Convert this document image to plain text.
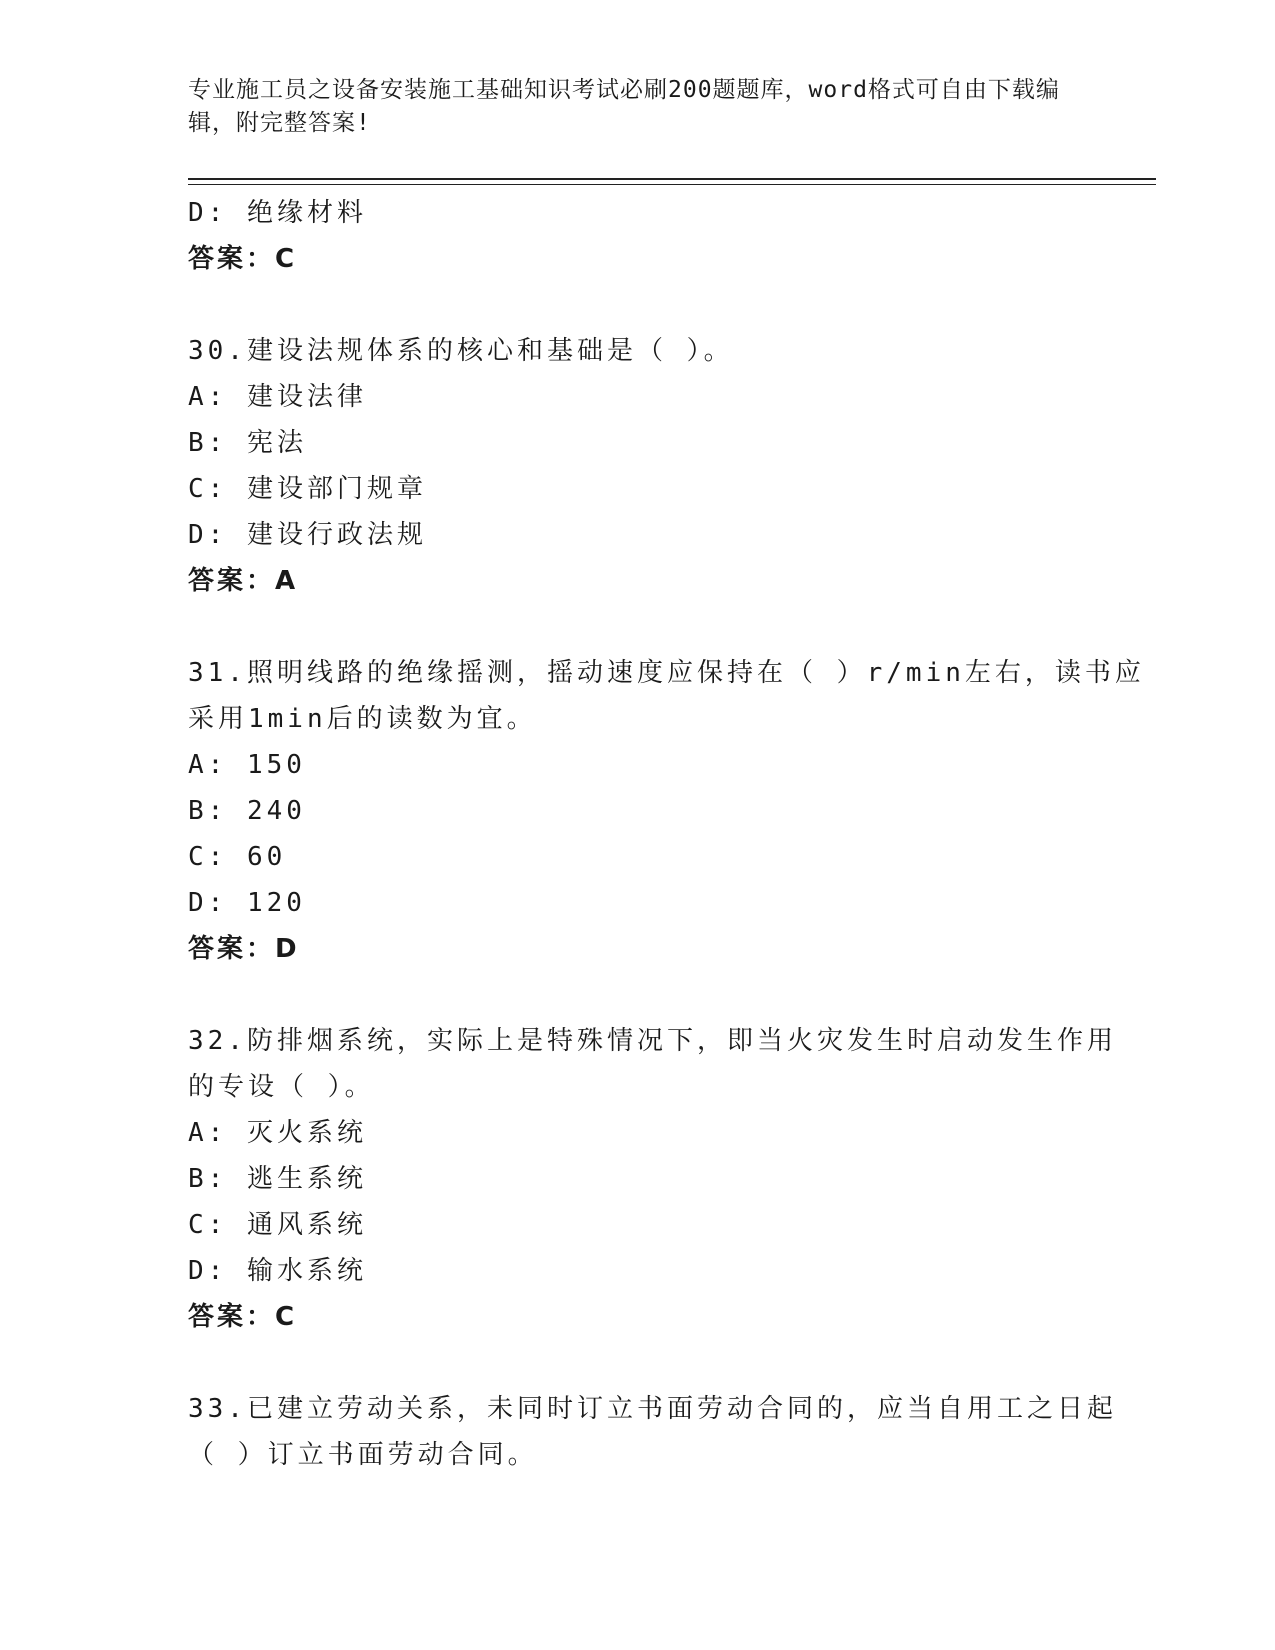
专业施工员之设备安装施工基础知识考试必刷200题题库，word格式可自由下载编辑，附完整答案!
D: 绝缘材料
答案：C
30.建设法规体系的核心和基础是（ ）。
A: 建设法律
B: 宪法
C: 建设部门规章
D: 建设行政法规
答案：A
31.照明线路的绝缘摇测，摇动速度应保持在（ ）r/min左右，读书应
采用1min后的读数为宜。
A: 150
B: 240
C: 60
D: 120
答案：D
32.防排烟系统，实际上是特殊情况下，即当火灾发生时启动发生作用
的专设（ ）。
A: 灭火系统
B: 逃生系统
C: 通风系统
D: 输水系统
答案：C
33.已建立劳动关系，未同时订立书面劳动合同的，应当自用工之日起
（ ）订立书面劳动合同。
